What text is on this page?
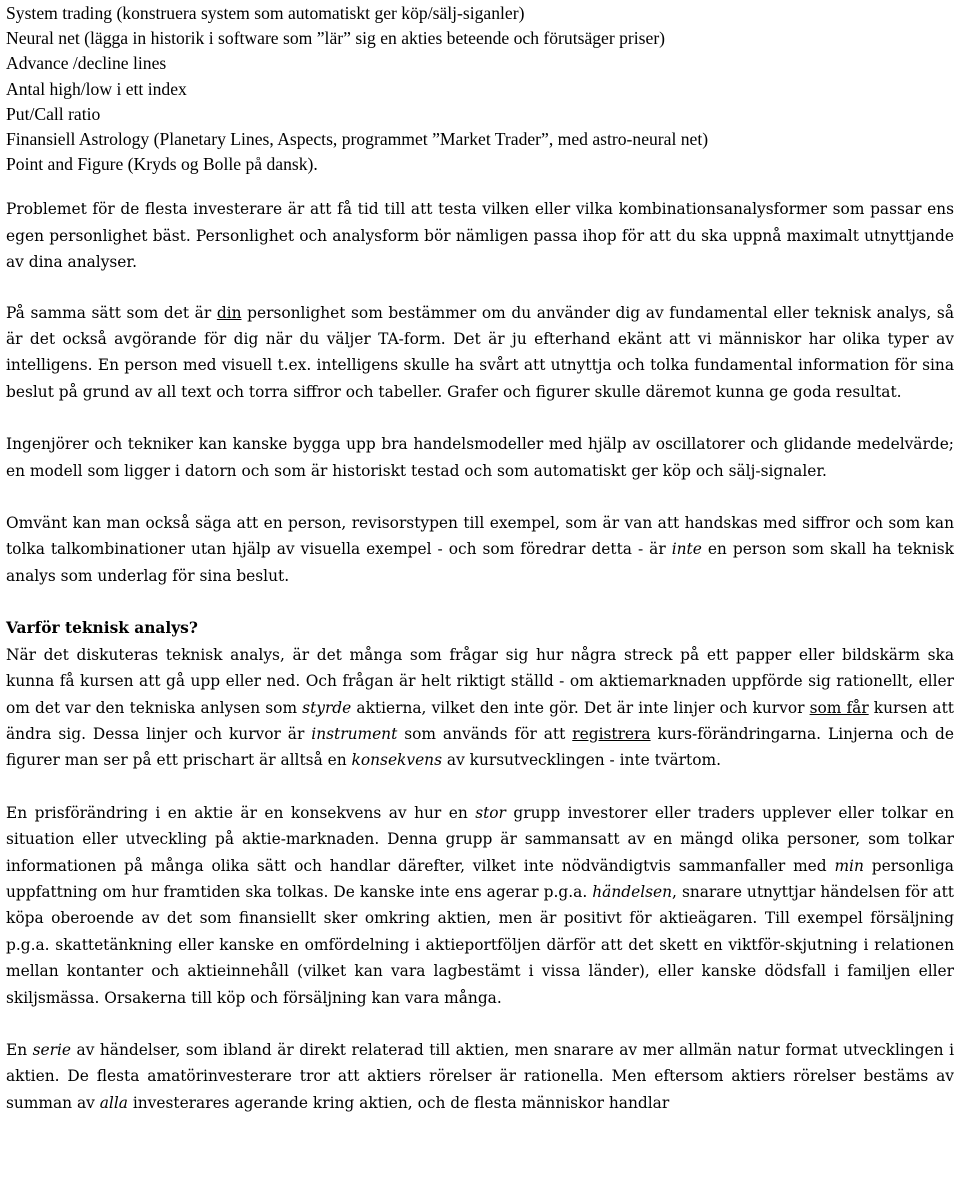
System trading (konstruera system som automatiskt ger köp/sälj-siganler)
Neural net (lägga in historik i software som ”lär” sig en akties beteende och förutsäger priser)
Advance /decline lines
Antal high/low i ett index
Put/Call ratio
Finansiell Astrology (Planetary Lines, Aspects, programmet ”Market Trader”, med astro-neural net)
Point and Figure (Kryds og Bolle på dansk).

Problemet för de flesta investerare är att få tid till att testa vilken eller vilka kombinationsanalysformer som passar ens egen personlighet bäst. Personlighet och analysform bör nämligen passa ihop för att du ska uppnå maximalt utnyttjande av dina analyser.

På samma sätt som det är din personlighet som bestämmer om du använder dig av fundamental eller teknisk analys, så är det också avgörande för dig när du väljer TA-form. Det är ju efterhand ekänt att vi människor har olika typer av intelligens. En person med visuell t.ex. intelligens skulle ha svårt att utnyttja och tolka fundamental information för sina beslut på grund av all text och torra siffror och tabeller. Grafer och figurer skulle däremot kunna ge goda resultat.

Ingenjörer och tekniker kan kanske bygga upp bra handelsmodeller med hjälp av oscillatorer och glidande medelvärde; en modell som ligger i datorn och som är historiskt testad och som automatiskt ger köp och sälj-signaler.

Omvänt kan man också säga att en person, revisorstypen till exempel, som är van att handskas med siffror och som kan tolka talkombinationer utan hjälp av visuella exempel - och som föredrar detta - är inte en person som skall ha teknisk analys som underlag för sina beslut.

Varför teknisk analys?

När det diskuteras teknisk analys, är det många som frågar sig hur några streck på ett papper eller bildskärm ska kunna få kursen att gå upp eller ned. Och frågan är helt riktigt ställd - om aktiemarknaden uppförde sig rationellt, eller om det var den tekniska anlysen som styrde aktierna, vilket den inte gör. Det är inte linjer och kurvor som får kursen att ändra sig. Dessa linjer och kurvor är instrument som används för att registrera kurs-förändringarna. Linjerna och de figurer man ser på ett prischart är alltså en konsekvens av kursutvecklingen - inte tvärtom.

En prisförändring i en aktie är en konsekvens av hur en stor grupp investorer eller traders upplever eller tolkar en situation eller utveckling på aktie-marknaden. Denna grupp är sammansatt av en mängd olika personer, som tolkar informationen på många olika sätt och handlar därefter, vilket inte nödvändigtvis sammanfaller med min personliga uppfattning om hur framtiden ska tolkas. De kanske inte ens agerar p.g.a. händelsen, snarare utnyttjar händelsen för att köpa oberoende av det som finansiellt sker omkring aktien, men är positivt för aktieägaren. Till exempel försäljning p.g.a. skattetänkning eller kanske en omfördelning i aktieportföljen därför att det skett en viktför-skjutning i relationen mellan kontanter och aktieinnehåll (vilket kan vara lagbestämt i vissa länder), eller kanske dödsfall i familjen eller skiljsmässa. Orsakerna till köp och försäljning kan vara många.

En serie av händelser, som ibland är direkt relaterad till aktien, men snarare av mer allmän natur format utvecklingen i aktien. De flesta amatörinvesterare tror att aktiers rörelser är rationella. Men eftersom aktiers rörelser bestäms av summan av alla investerares agerande kring aktien, och de flesta människor handlar
